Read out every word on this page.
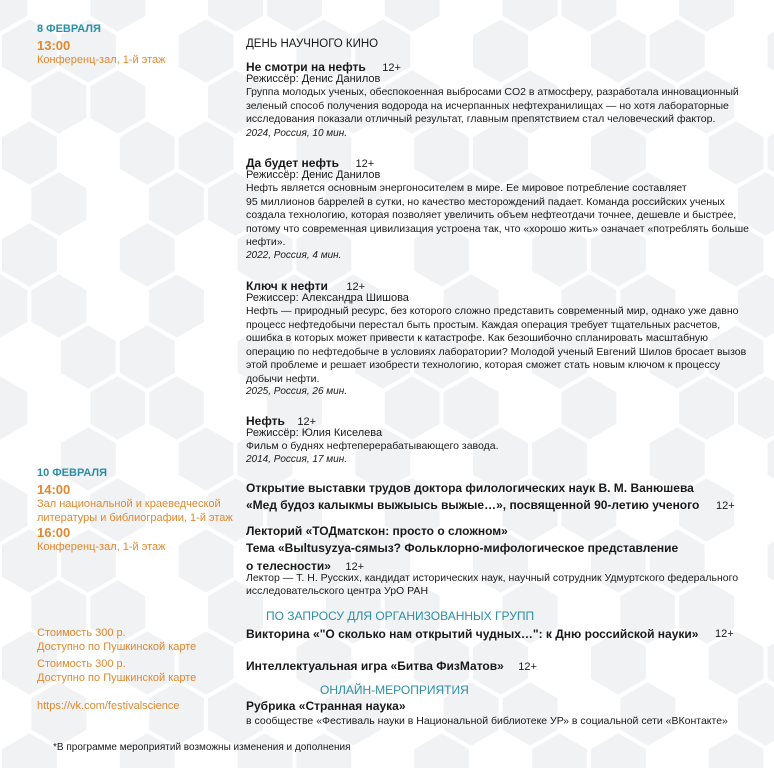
8 ФЕВРАЛЯ
13:00
Конференц-зал, 1-й этаж
10 ФЕВРАЛЯ
14:00
Зал национальной и краеведческой
литературы и библиографии, 1-й этаж
16:00
Конференц-зал, 1-й этаж
Стоимость 300 р.
Доступно по Пушкинской карте
Стоимость 300 р.
Доступно по Пушкинской карте
https://vk.com/festivalscience
ДЕНЬ НАУЧНОГО КИНО
Не смотри на нефть 12+
Режиссёр: Денис Данилов
Группа молодых ученых, обеспокоенная выбросами CO2 в атмосферу, разработала инновационный
зеленый способ получения водорода на исчерпанных нефтехранилищах — но хотя лабораторные
исследования показали отличный результат, главным препятствием стал человеческий фактор.
2024, Россия, 10 мин.
Да будет нефть 12+
Режиссёр: Денис Данилов
Нефть является основным энергоносителем в мире. Ее мировое потребление составляет
95 миллионов баррелей в сутки, но качество месторождений падает. Команда российских ученых
создала технологию, которая позволяет увеличить объем нефтеотдачи точнее, дешевле и быстрее,
потому что современная цивилизация устроена так, что «хорошо жить» означает «потреблять больше
нефти».
2022, Россия, 4 мин.
Ключ к нефти 12+
Режиссер: Александра Шишова
Нефть — природный ресурс, без которого сложно представить современный мир, однако уже давно
процесс нефтедобычи перестал быть простым. Каждая операция требует тщательных расчетов,
ошибка в которых может привести к катастрофе. Как безошибочно спланировать масштабную
операцию по нефтедобыче в условиях лаборатории? Молодой ученый Евгений Шилов бросает вызов
этой проблеме и решает изобрести технологию, которая сможет стать новым ключом к процессу
добычи нефти.
2025, Россия, 26 мин.
Нефть 12+
Режиссёр: Юлия Киселева
Фильм о буднях нефтеперерабатывающего завода.
2014, Россия, 17 мин.
Открытие выставки трудов доктора филологических наук В. М. Ванюшева
«Мед будоз калыкмы выжыысь выжые…», посвященной 90-летию ученого 12+
Лекторий «ТОДматскон: просто о сложном»
Тема «Выltusyzya-сямыз? Фольклорно-мифологическое представление
о телесности» 12+
Лектор — Т. Н. Русских, кандидат исторических наук, научный сотрудник Удмуртского федерального
исследовательского центра УрО РАН
ПО ЗАПРОСУ ДЛЯ ОРГАНИЗОВАННЫХ ГРУПП
Викторина «"О сколько нам открытий чудных…": к Дню российской науки» 12+
Интеллектуальная игра «Битва ФизМатов» 12+
ОНЛАЙН-МЕРОПРИЯТИЯ
Рубрика «Странная наука»
в сообществе «Фестиваль науки в Национальной библиотеке УР» в социальной сети «ВКонтакте»
*В программе мероприятий возможны изменения и дополнения
